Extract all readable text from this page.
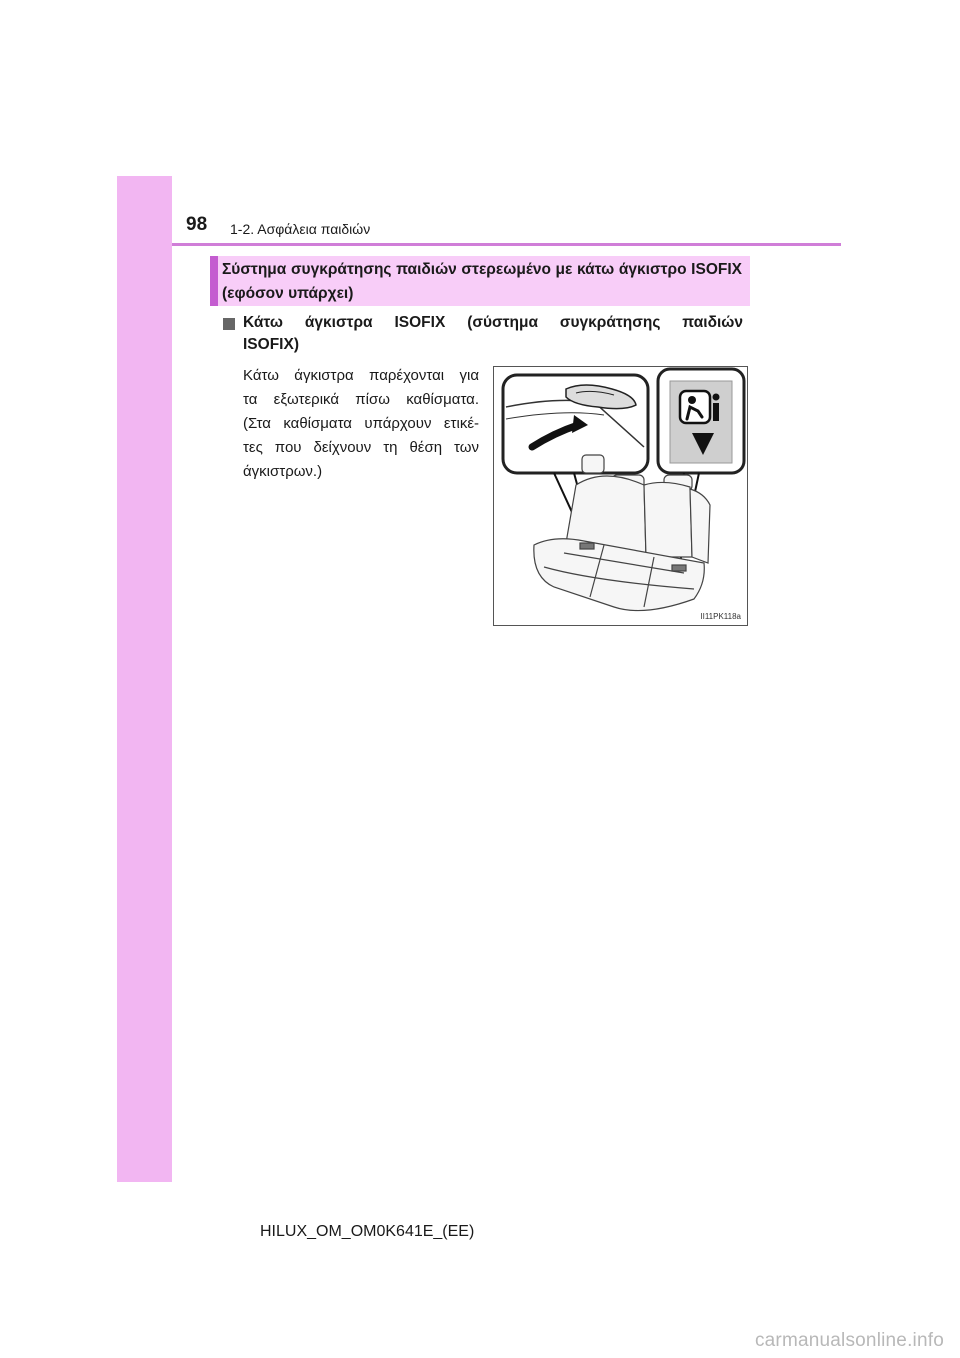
98 1-2. Ασφάλεια παιδιών
Σύστημα συγκράτησης παιδιών στερεωμένο με κάτω άγκιστρο ISOFIX (εφόσον υπάρχει)
Κάτω άγκιστρα ISOFIX (σύστημα συγκράτησης παιδιών
ISOFIX)
Κάτω άγκιστρα παρέχονται για
τα εξωτερικά πίσω καθίσματα.
(Στα καθίσματα υπάρχουν ετικέ-
τες που δείχνουν τη θέση των
άγκιστρων.)
II11PK118a
HILUX_OM_OM0K641E_(EE)
carmanualsonline.info
